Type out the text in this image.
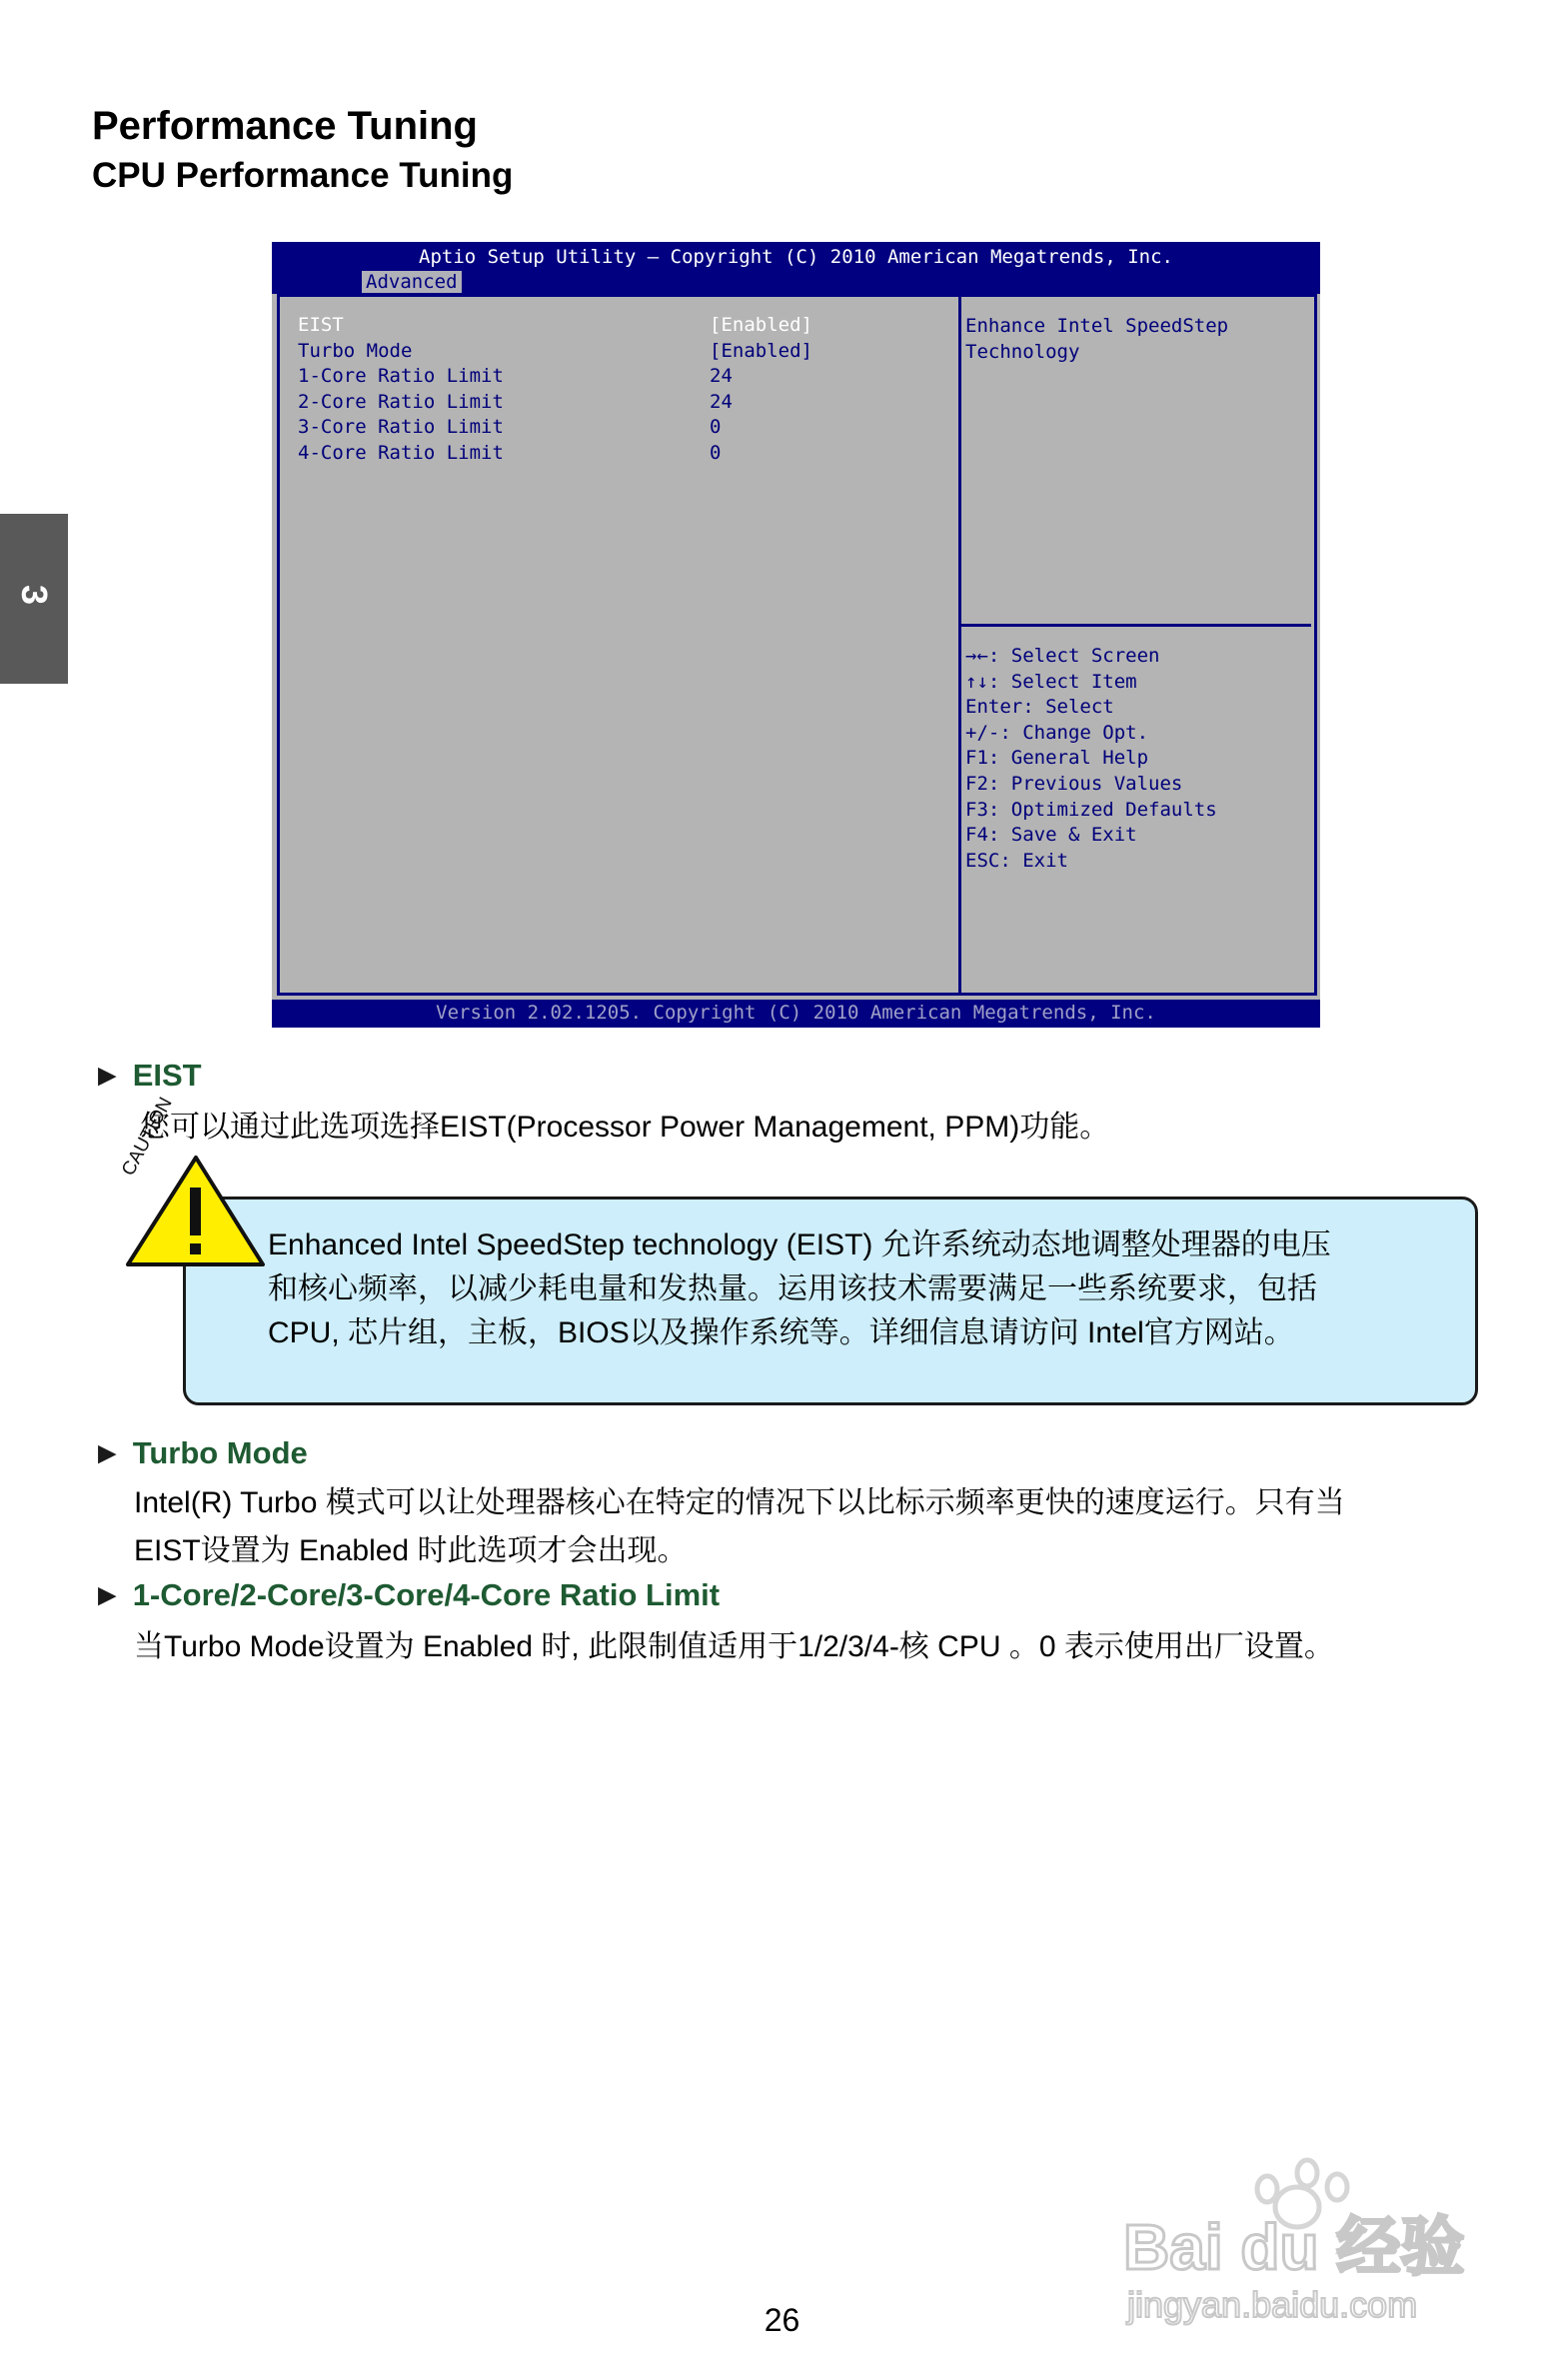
Performance Tuning
CPU Performance Tuning
3
Aptio Setup Utility – Copyright (C) 2010 American Megatrends, Inc.
Advanced
EIST	[Enabled]
Turbo Mode	[Enabled]
1-Core Ratio Limit	24
2-Core Ratio Limit	24
3-Core Ratio Limit	0
4-Core Ratio Limit	0
Enhance Intel SpeedStep
Technology
→←: Select Screen
↑↓: Select Item
Enter: Select
+/-: Change Opt.
F1: General Help
F2: Previous Values
F3: Optimized Defaults
F4: Save & Exit
ESC: Exit
Version 2.02.1205. Copyright (C) 2010 American Megatrends, Inc.
► EIST
您可以通过此选项选择EIST(Processor Power Management, PPM)功能。
CAUTION
Enhanced Intel SpeedStep technology (EIST) 允许系统动态地调整处理器的电压
和核心频率，以减少耗电量和发热量。运用该技术需要满足一些系统要求，包括
CPU, 芯片组，主板，BIOS以及操作系统等。详细信息请访问 Intel官方网站。
► Turbo Mode
Intel(R) Turbo 模式可以让处理器核心在特定的情况下以比标示频率更快的速度运行。只有当
EIST设置为 Enabled 时此选项才会出现。
► 1-Core/2-Core/3-Core/4-Core Ratio Limit
当Turbo Mode设置为 Enabled 时, 此限制值适用于1/2/3/4-核 CPU 。0 表示使用出厂设置。
26
Bai du 经验
jingyan.baidu.com
